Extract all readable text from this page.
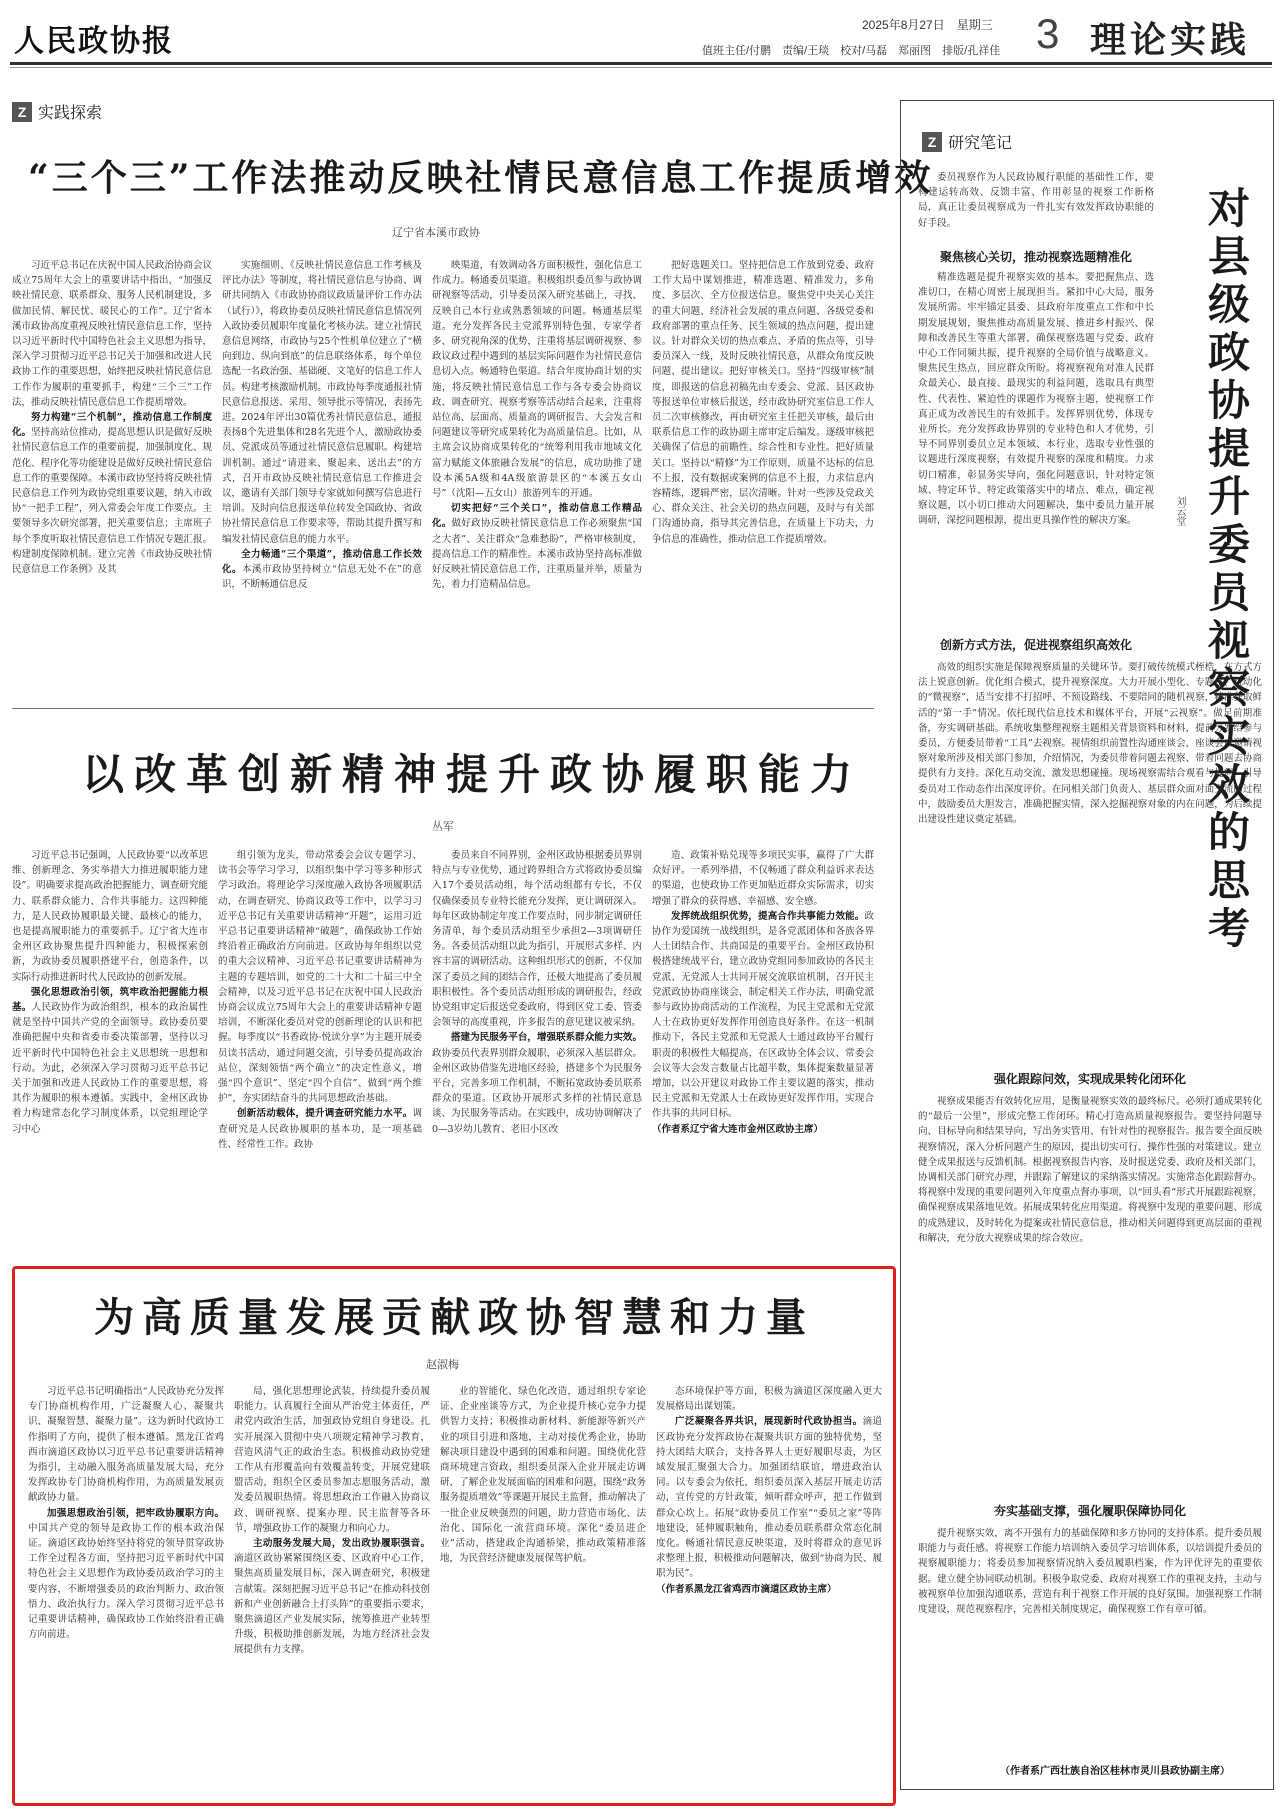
人民政协报	2025年8月27日　星期三
值班主任/付鹏　责编/王琰　校对/马磊　郑丽图　排版/孔祥佳 3 理论实践
Z 实践探索
“三个三”工作法推动反映社情民意信息工作提质增效
辽宁省本溪市政协

习近平总书记在庆祝中国人民政治协商会议成立75周年大会上的重要讲话中指出，“加强反映社情民意、联系群众、服务人民机制建设，多做加民情、解民忧、暖民心的工作”。辽宁省本溪市政协高度重视反映社情民意信息工作，坚持以习近平新时代中国特色社会主义思想为指导，深入学习贯彻习近平总书记关于加强和改进人民政协工作的重要思想，始终把反映社情民意信息工作作为履职的重要抓手，构建“三个三”工作法，推动反映社情民意信息工作提质增效。

努力构建“三个机制”，推动信息工作制度化。坚持高站位推动，提高思想认识是做好反映社情民意信息工作的重要前提，加强制度化、规范化、程序化等功能建设是做好反映社情民意信息工作的重要保障。本溪市政协坚持将反映社情民意信息工作列为政协党组重要议题，纳入市政协“一把手工程”，列入常委会年度工作要点。主要领导多次研究部署，把关重要信息；主席班子每个季度听取社情民意信息工作情况专题汇报。构建制度保障机制。建立完善《市政协反映社情民意信息工作条例》及其

实施细则、《反映社情民意信息工作考核及评比办法》等制度，将社情民意信息与协商、调研共同纳入《市政协协商议政质量评价工作办法（试行）》，将政协委员反映社情民意信息情况列入政协委员履职年度量化考核办法。建立社情民意信息网络，市政协与25个性机单位建立了“横向到边、纵向到底”的信息联络体系，每个单位选配一名政治强、基础硬、文笔好的信息工作人员。构建考核激励机制。市政协每季度通报社情民意信息报送、采用、领导批示等情况，表扬先进。2024年评出30篇优秀社情民意信息，通报表扬8个先进集体和28名先进个人，激励政协委员、党派成员等通过社情民意信息履职。构建培训机制。通过“请进来、聚起来、送出去”的方式，召开市政协反映社情民意信息工作推进会议，邀请有关部门领导专家就如何撰写信息进行培训。及时向信息报送单位转发全国政协、省政协社情民意信息工作要求等，帮助其提升撰写和编发社情民意信息的能力水平。

全力畅通“三个渠道”，推动信息工作长效化。本溪市政协坚持树立“信息无处不在”的意识，不断畅通信息反

映渠道，有效调动各方面积极性，强化信息工作成力。畅通委员渠道。积极组织委员参与政协调研视察等活动，引导委员深入研究基础上，寻找、反映自己本行业或熟悉领域的问题。畅通基层渠道。充分发挥各民主党派界别特色强、专家学者多、研究视角深的优势，注重将基层调研视察、参政议政过程中遇到的基层实际问题作为社情民意信息切入点。畅通特色渠道。结合年度协商计划的实施，将反映社情民意信息工作与各专委会协商议政、调查研究、视察考察等活动结合起来，注重将站位高、层面高、质量高的调研报告、大会发言和问题建议等研究成果转化为高质量信息。比如，从主席会议协商成果转化的“统筹利用我市地域文化富力赋能文体旅融合发展”的信息，成功助推了建设本溪5A级和4A级旅游景区的“本溪五女山号”（沈阳—五女山）旅游列车的开通。

切实把好“三个关口”，推动信息工作精品化。做好政协反映社情民意信息工作必须聚焦“国之大者”、关注群众“急难愁盼”，严格审核制度，提高信息工作的精准性。本溪市政协坚持高标准做好反映社情民意信息工作，注重质量并举，质量为先，着力打造精品信息。

把好选题关口。坚持把信息工作放到党委、政府工作大局中谋划推进，精准选题、精准发力，多角度、多层次、全方位报送信息。聚焦党中央关心关注的重大问题、经济社会发展的重点问题、各级党委和政府部署的重点任务、民生领域的热点问题，提出建议。针对群众关切的热点难点、矛盾的焦点等，引导委员深入一线，及时反映社情民意，从群众角度反映问题、提出建议。把好审核关口。坚持“四级审核”制度，即报送的信息初稿先由专委会、党派、县区政协等报送单位审核后报送，经市政协研究室信息工作人员二次审核修改，再由研究室主任把关审核，最后由联系信息工作的政协副主席审定后编发。逐级审核把关确保了信息的前瞻性、综合性和专业性。把好质量关口。坚持以“精修”为工作原则，质量不达标的信息不上报，没有数据或案例的信息不上报，力求信息内容精练，逻辑严密，层次清晰。针对一些涉及党政关心、群众关注、社会关切的热点问题，及时与有关部门沟通协商，指导其完善信息，在质量上下功夫，力争信息的准确性，推动信息工作提质增效。

以改革创新精神提升政协履职能力
丛军

习近平总书记强调，人民政协要“以改革思维、创新理念、务实举措大力推进履职能力建设”。明确要求提高政治把握能力、调查研究能力、联系群众能力、合作共事能力。这四种能力，是人民政协履职最关键、最核心的能力，也是提高履职能力的重要抓手。辽宁省大连市金州区政协聚焦提升四种能力，积极探索创新，为政协委员履职搭建平台，创造条件，以实际行动推进新时代人民政协的创新发展。

强化思想政治引领，筑牢政治把握能力根基。人民政协作为政治组织，根本的政治属性就是坚持中国共产党的全面领导。政协委员要准确把握中央和省委市委决策部署，坚持以习近平新时代中国特色社会主义思想统一思想和行动。为此，必须深入学习贯彻习近平总书记关于加强和改进人民政协工作的重要思想，将其作为履职的根本遵循。实践中，金州区政协着力构建常态化学习制度体系，以党组理论学习中心

组引领为龙头，带动常委会会议专题学习、读书会等学习学习，以组织集中学习等多种形式学习政治。将理论学习深度融入政协各项履职活动，在调查研究、协商议政等工作中，以学习习近平总书记有关重要讲话精神“开题”，运用习近平总书记重要讲话精神“破题”，确保政协工作始终沿着正确政治方向前进。区政协每年组织以党的重大会议精神、习近平总书记重要讲话精神为主题的专题培训，如党的二十大和二十届三中全会精神，以及习近平总书记在庆祝中国人民政治协商会议成立75周年大会上的重要讲话精神专题培训，不断深化委员对党的创新理论的认识和把握。每季度以“书香政协·悦读分享”为主题开展委员读书活动，通过问题交流，引导委员提高政治站位，深刻领悟“两个确立”的决定性意义，增强“四个意识”、坚定“四个自信”、做到“两个维护”，夯实团结奋斗的共同思想政治基础。

创新活动载体，提升调查研究能力水平。调查研究是人民政协履职的基本功，是一项基础性、经常性工作。政协

委员来自不同界别，金州区政协根据委员界别特点与专业优势，通过跨界组合方式将政协委员编入17个委员活动组，每个活动组都有专长，不仅仅确保委员专业特长能充分发挥，更让调研深入。每年区政协制定年度工作要点时，同步制定调研任务清单，每个委员活动组至少承担2—3项调研任务。各委员活动组以此为指引，开展形式多样、内容丰富的调研活动。这种组织形式的创新，不仅加深了委员之间的团结合作，还极大地提高了委员履职积极性。各个委员活动组形成的调研报告，经政协党组审定后报送党委政府，得到区党工委、管委会领导的高度重视，许多报告的意见建议被采纳。

搭建为民服务平台，增强联系群众能力实效。政协委员代表界别群众履职，必须深入基层群众。金州区政协借鉴先进地区经验，搭建多个为民服务平台，完善多项工作机制，不断拓宽政协委员联系群众的渠道。区政协开展形式多样的社情民意恳谈、为民服务等活动。在实践中，成功协调解决了0—3岁幼儿教育、老旧小区改

造、政策补贴兑现等多项民实事，赢得了广大群众好评。一系列举措，不仅畅通了群众利益诉求表达的渠道，也使政协工作更加贴近群众实际需求，切实增强了群众的获得感、幸福感、安全感。

发挥统战组织优势，提高合作共事能力效能。政协作为爱国统一战线组织，是各党派团体和各族各界人士团结合作、共商国是的重要平台。金州区政协积极搭建统战平台，建立政协党组同参加政协的各民主党派、无党派人士共同开展交流联谊机制，召开民主党派政协协商座谈会，制定相关工作办法，明确党派参与政协协商活动的工作流程，为民主党派和无党派人士在政协更好发挥作用创造良好条件。在这一机制推动下，各民主党派和无党派人士通过政协平台履行职责的积极性大幅提高，在区政协全体会议、常委会会议等大会发言数量占比超半数，集体提案数量显著增加，以公开建议对政协工作主要议题的落实，推动民主党派和无党派人士在政协更好发挥作用，实现合作共事的共同目标。

（作者系辽宁省大连市金州区政协主席）

为高质量发展贡献政协智慧和力量
赵淑梅

习近平总书记明确指出“人民政协充分发挥专门协商机构作用，广泛凝聚人心、凝聚共识、凝聚智慧、凝聚力量”。这为新时代政协工作指明了方向，提供了根本遵循。黑龙江省鸡西市滴道区政协以习近平总书记重要讲话精神为指引，主动融入服务高质量发展大局，充分发挥政协专门协商机构作用，为高质量发展贡献政协力量。

加强思想政治引领，把牢政协履职方向。中国共产党的领导是政协工作的根本政治保证。滴道区政协始终坚持将党的领导贯穿政协工作全过程各方面，坚持把习近平新时代中国特色社会主义思想作为政协委员政治学习的主要内容，不断增强委员的政治判断力、政治领悟力、政治执行力。深入学习贯彻习近平总书记重要讲话精神，确保政协工作始终沿着正确方向前进。

局，强化思想理论武装，持续提升委员履职能力。认真履行全面从严治党主体责任，严肃党内政治生活，加强政协党组自身建设。扎实开展深入贯彻中央八项规定精神学习教育，营造风清气正的政治生态。积极推动政协党建工作从有形覆盖向有效覆盖转变，开展党建联盟活动，组织全区委员参加志愿服务活动，激发委员履职热情。将思想政治工作融入协商议政、调研视察、提案办理、民主监督等各环节，增强政协工作的凝聚力和向心力。

主动服务发展大局，发出政协履职强音。滴道区政协紧紧围绕区委、区政府中心工作，聚焦高质量发展目标，深入调查研究，积极建言献策。深刻把握习近平总书记“在推动科技创新和产业创新融合上打头阵”的重要指示要求，聚焦滴道区产业发展实际，统筹推进产业转型升级，积极助推创新发展，为地方经济社会发展提供有力支撑。

业的智能化、绿色化改造，通过组织专家论证、企业座谈等方式，为企业提升核心竞争力提供智力支持；积极推动新材料、新能源等新兴产业的项目引进和落地，主动对接优秀企业，协助解决项目建设中遇到的困难和问题。围绕优化营商环境建言资政，组织委员深入企业开展走访调研，了解企业发展面临的困难和问题，围绕“政务服务提质增效”等课题开展民主监督，推动解决了一批企业反映强烈的问题，助力营造市场化、法治化、国际化一流营商环境。深化“委员进企业”活动，搭建政企沟通桥梁，推动政策精准落地，为民营经济健康发展保驾护航。

态环境保护等方面，积极为滴道区深度融入更大发展格局出谋划策。

广泛凝聚各界共识，展现新时代政协担当。滴道区政协充分发挥政协在凝聚共识方面的独特优势，坚持大团结大联合，支持各界人士更好履职尽责，为区域发展汇聚强大合力。加强团结联谊，增进政治认同。以专委会为依托，组织委员深入基层开展走访活动，宣传党的方针政策，倾听群众呼声，把工作做到群众心坎上。拓展“政协委员工作室”“委员之家”等阵地建设，延伸履职触角，推动委员联系群众常态化制度化。畅通社情民意反映渠道，及时将群众的意见诉求整理上报，积极推动问题解决，做到“协商为民、履职为民”。

（作者系黑龙江省鸡西市滴道区政协主席）

Z 研究笔记
对县级政协提升委员视察实效的思考
刘云堂

委员视察作为人民政协履行职能的基础性工作，要构建运转高效、反馈丰富、作用彰显的视察工作新格局，真正让委员视察成为一件扎实有效发挥政协职能的好手段。

聚焦核心关切，推动视察选题精准化

精准选题是提升视察实效的基本。要把握焦点、选准切口，在精心周密上展现担当。紧扣中心大局，服务发展所需。牢牢锚定县委、县政府年度重点工作和中长期发展规划，聚焦推动高质量发展、推进乡村振兴、保障和改善民生等重大部署，确保视察选题与党委、政府中心工作同频共振，提升视察的全局价值与战略意义。聚焦民生热点，回应群众所盼。将视察视角对准人民群众最关心、最直接、最现实的利益问题，选取具有典型性、代表性、紧迫性的课题作为视察主题，使视察工作真正成为改善民生的有效抓手。发挥界别优势，体现专业所长。充分发挥政协界别的专业特色和人才优势，引导不同界别委员立足本领域、本行业，选取专业性强的议题进行深度视察，有效提升视察的深度和精度。力求切口精准，彰显务实导向，强化问题意识，针对特定领域、特定环节、特定政策落实中的堵点、难点，确定视察议题，以小切口推动大问题解决，集中委员力量开展调研，深挖问题根源，提出更具操作性的解决方案。

创新方式方法，促进视察组织高效化

高效的组织实施是保障视察质量的关键环节。要打破传统模式桎梏，在方式方法上锐意创新。优化组合模式，提升视察深度。大力开展小型化、专题化、机动化的“微视察”，适当安排不打招呼、不预设路线、不要陪同的随机视察，精准获取鲜活的“第一手”情况。依托现代信息技术和媒体平台，开展“云视察”。做足前期准备，夯实调研基础。系统收集整理视察主题相关背景资料和材料，提前分发给参与委员，方便委员带着“工具”去视察。视情组织前置性沟通座谈会，座谈会应邀请视察对象所涉及相关部门参加，介绍情况，为委员带着问题去视察、带着问题去协商提供有力支持。深化互动交流，激发思想碰撞。现场视察需结合观看与提问，引导委员对工作动态作出深度评价。在同相关部门负责人、基层群众面对面交流的过程中，鼓励委员大胆发言，准确把握实情，深入挖掘视察对象的内在问题，为后续提出建设性建议奠定基础。

强化跟踪问效，实现成果转化闭环化

视察成果能否有效转化应用，是衡量视察实效的最终标尺。必须打通成果转化的“最后一公里”，形成完整工作闭环。精心打造高质量视察报告。要坚持问题导向、目标导向和结果导向，写出务实管用、有针对性的视察报告。报告要全面反映视察情况，深入分析问题产生的原因，提出切实可行、操作性强的对策建议。建立健全成果报送与反馈机制。根据视察报告内容，及时报送党委、政府及相关部门，协调相关部门研究办理，并跟踪了解建议的采纳落实情况。实施常态化跟踪督办。将视察中发现的重要问题列入年度重点督办事项，以“回头看”形式开展跟踪视察，确保视察成果落地见效。拓展成果转化应用渠道。将视察中发现的重要问题、形成的成熟建议，及时转化为提案或社情民意信息，推动相关问题得到更高层面的重视和解决，充分放大视察成果的综合效应。

夯实基础支撑，强化履职保障协同化

提升视察实效，离不开强有力的基础保障和多方协同的支持体系。提升委员履职能力与责任感。将视察工作能力培训纳入委员学习培训体系，以培训提升委员的视察履职能力；将委员参加视察情况纳入委员履职档案，作为评优评先的重要依据。建立健全协同联动机制。积极争取党委、政府对视察工作的重视支持，主动与被视察单位加强沟通联系，营造有利于视察工作开展的良好氛围。加强视察工作制度建设，规范视察程序，完善相关制度规定，确保视察工作有章可循。

（作者系广西壮族自治区桂林市灵川县政协副主席）
